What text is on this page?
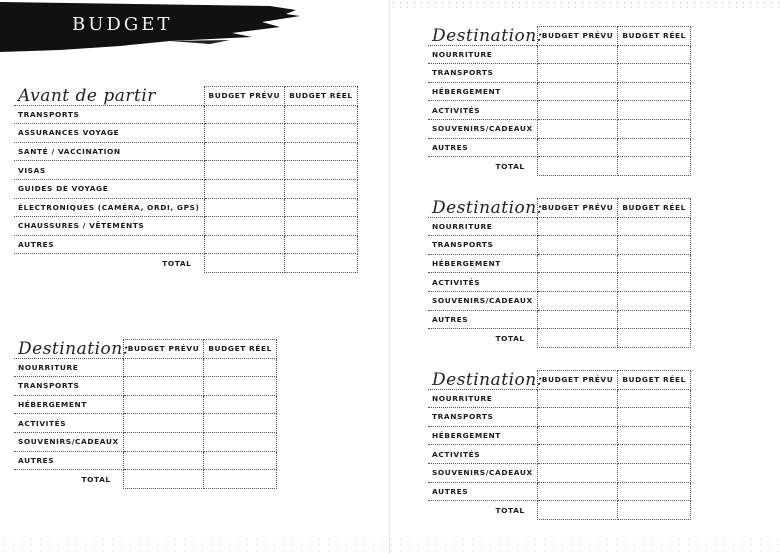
BUDGET
Avant de partir
		BUDGET PRÉVU	BUDGET RÉEL
TRANSPORTS		
ASSURANCES VOYAGE		
SANTÉ / VACCINATION		
VISAS		
GUIDES DE VOYAGE		
ÉLECTRONIQUES (CAMÉRA, ORDI, GPS)		
CHAUSSURES / VÊTEMENTS		
AUTRES		
TOTAL		
Destination:
	BUDGET PRÉVU	BUDGET RÉEL
NOURRITURE		
TRANSPORTS		
HÉBERGEMENT		
ACTIVITÉS		
SOUVENIRS/CADEAUX		
AUTRES		
TOTAL		
Destination:
	BUDGET PRÉVU	BUDGET RÉEL
NOURRITURE		
TRANSPORTS		
HÉBERGEMENT		
ACTIVITÉS		
SOUVENIRS/CADEAUX		
AUTRES		
TOTAL		
Destination:
	BUDGET PRÉVU	BUDGET RÉEL
NOURRITURE		
TRANSPORTS		
HÉBERGEMENT		
ACTIVITÉS		
SOUVENIRS/CADEAUX		
AUTRES		
TOTAL		
Destination:
	BUDGET PRÉVU	BUDGET RÉEL
NOURRITURE		
TRANSPORTS		
HÉBERGEMENT		
ACTIVITÉS		
SOUVENIRS/CADEAUX		
AUTRES		
TOTAL		
